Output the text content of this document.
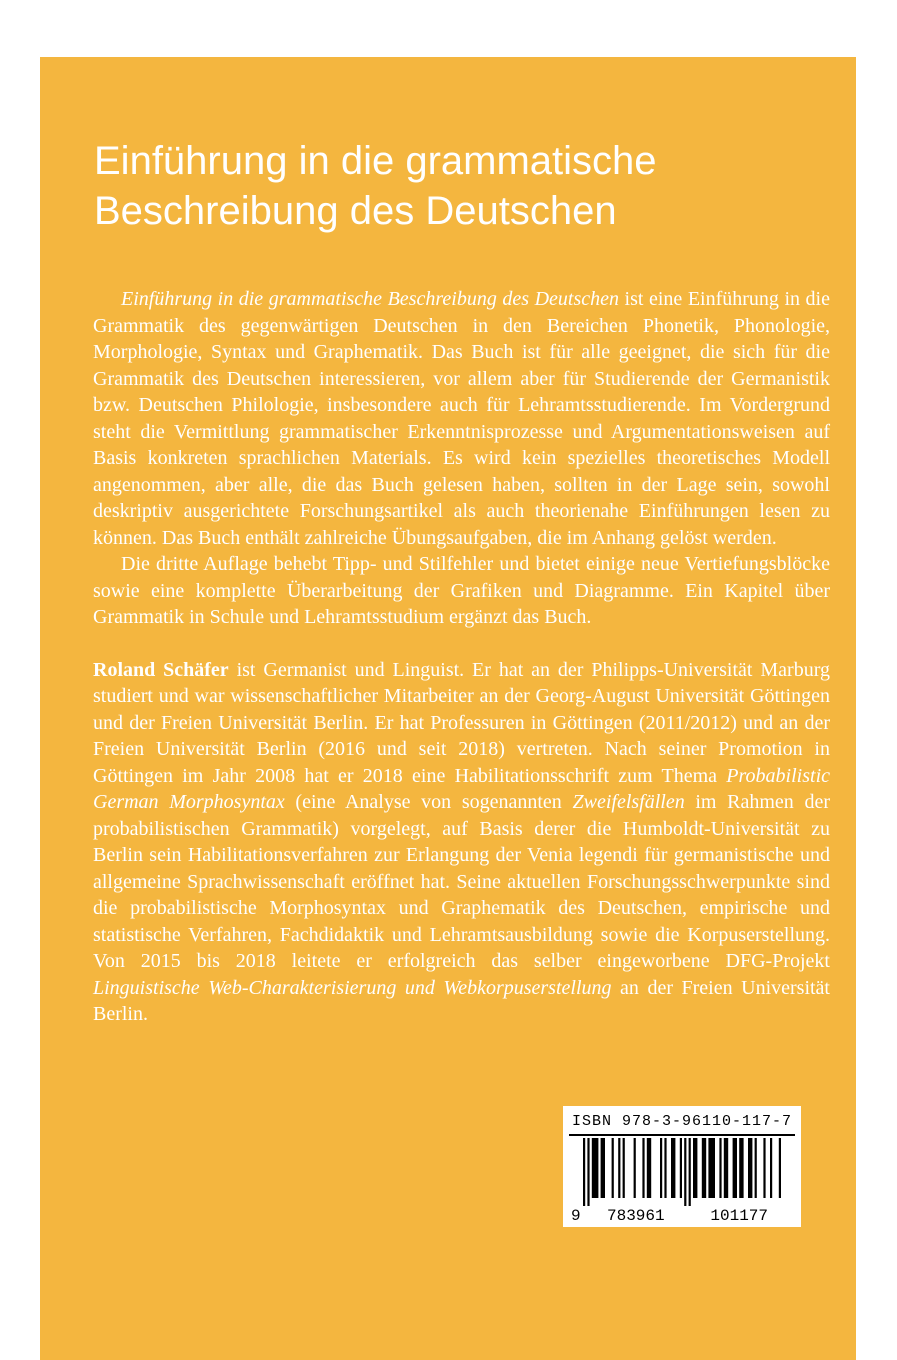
Einführung in die grammatische
Beschreibung des Deutschen

Einführung in die grammatische Beschreibung des Deutschen ist eine Einführung in die Grammatik des gegenwärtigen Deutschen in den Bereichen Phonetik, Phonologie, Morphologie, Syntax und Graphematik. Das Buch ist für alle geeignet, die sich für die Grammatik des Deutschen interessieren, vor allem aber für Studierende der Germanistik bzw. Deutschen Philologie, insbesondere auch für Lehramtsstudierende. Im Vordergrund steht die Vermittlung grammatischer Erkenntnisprozesse und Argumentationsweisen auf Basis konkreten sprachlichen Materials. Es wird kein spezielles theoretisches Modell angenommen, aber alle, die das Buch gelesen haben, sollten in der Lage sein, sowohl deskriptiv ausgerichtete Forschungsartikel als auch theorienahe Einführungen lesen zu können. Das Buch enthält zahlreiche Übungsaufgaben, die im Anhang gelöst werden.

Die dritte Auflage behebt Tipp- und Stilfehler und bietet einige neue Vertiefungsblöcke sowie eine komplette Überarbeitung der Grafiken und Diagramme. Ein Kapitel über Grammatik in Schule und Lehramtsstudium ergänzt das Buch.

Roland Schäfer ist Germanist und Linguist. Er hat an der Philipps-Universität Marburg studiert und war wissenschaftlicher Mitarbeiter an der Georg-August Universität Göttingen und der Freien Universität Berlin. Er hat Professuren in Göttingen (2011/2012) und an der Freien Universität Berlin (2016 und seit 2018) vertreten. Nach seiner Promotion in Göttingen im Jahr 2008 hat er 2018 eine Habilitationsschrift zum Thema Probabilistic German Morphosyntax (eine Analyse von sogenannten Zweifelsfällen im Rahmen der probabilistischen Grammatik) vorgelegt, auf Basis derer die Humboldt-Universität zu Berlin sein Habilitationsverfahren zur Erlangung der Venia legendi für germanistische und allgemeine Sprachwissenschaft eröffnet hat. Seine aktuellen Forschungsschwerpunkte sind die probabilistische Morphosyntax und Graphematik des Deutschen, empirische und statistische Verfahren, Fachdidaktik und Lehramtsausbildung sowie die Korpuserstellung. Von 2015 bis 2018 leitete er erfolgreich das selber eingeworbene DFG-Projekt Linguistische Web-Charakterisierung und Webkorpuserstellung an der Freien Universität Berlin.

ISBN 978-3-96110-117-7
9 783961	101177
